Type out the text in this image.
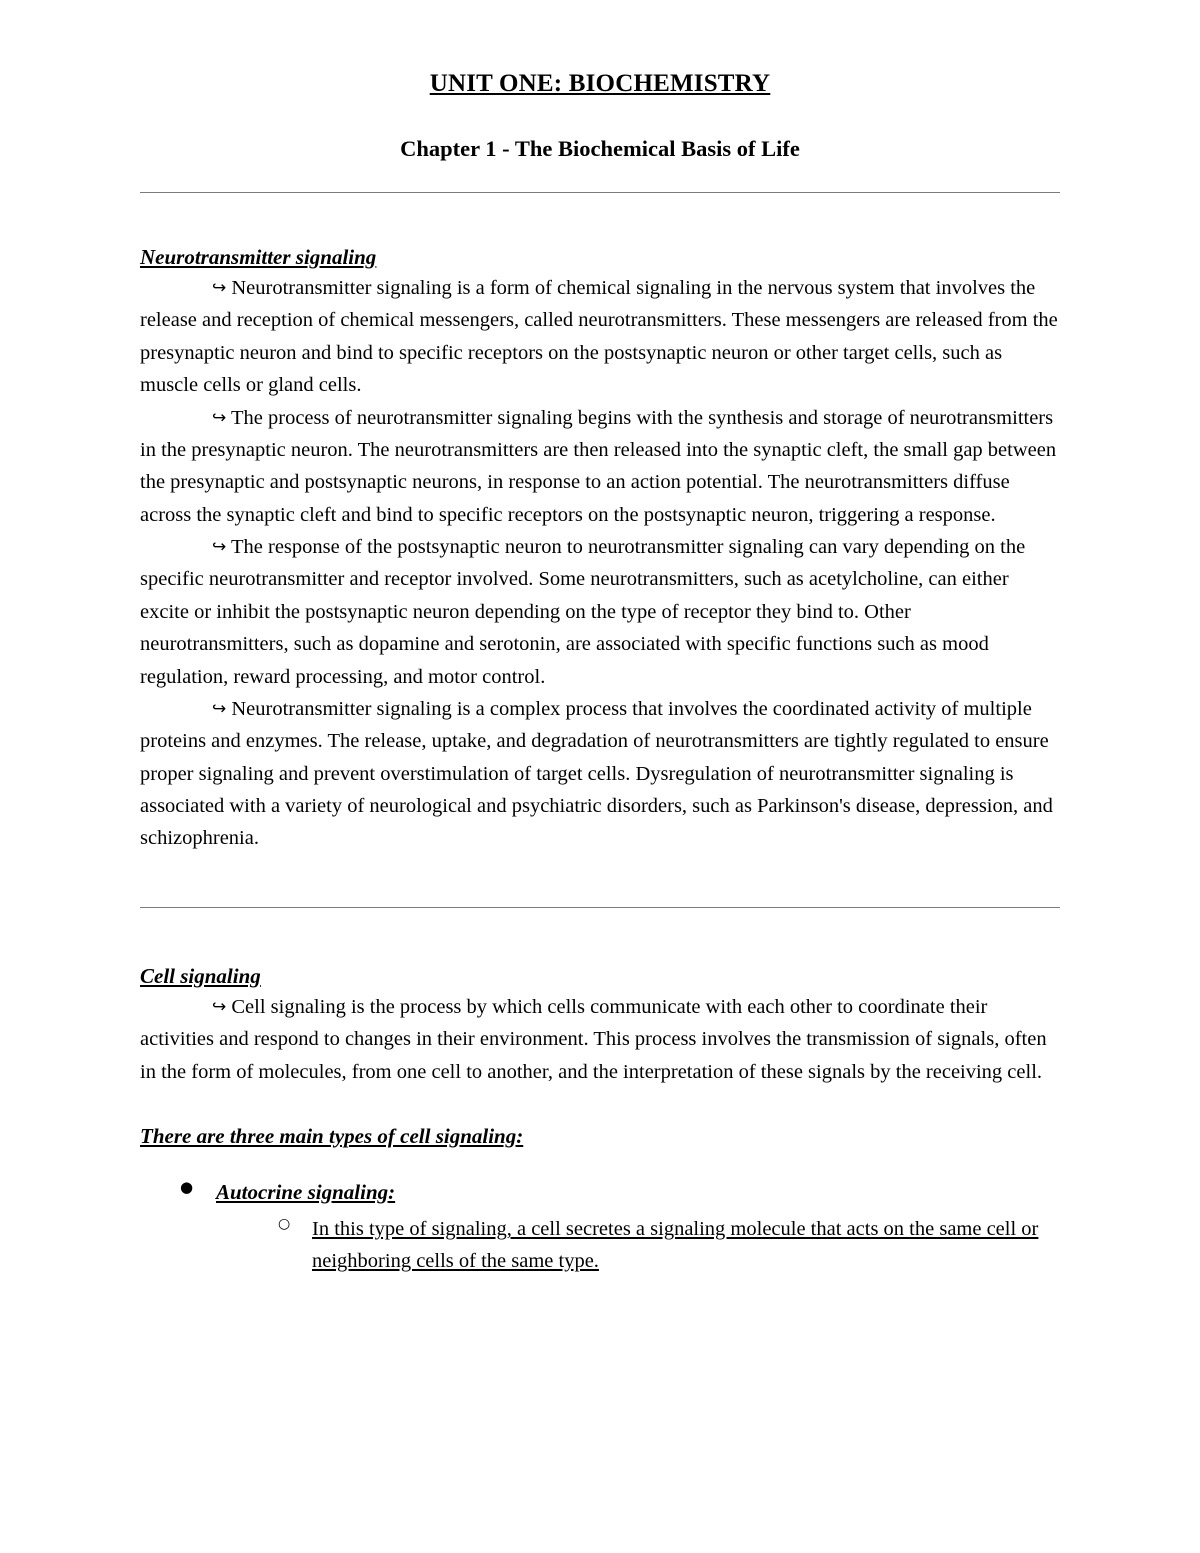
UNIT ONE: BIOCHEMISTRY
Chapter 1 - The Biochemical Basis of Life
Neurotransmitter signaling

↪ Neurotransmitter signaling is a form of chemical signaling in the nervous system that involves the release and reception of chemical messengers, called neurotransmitters. These messengers are released from the presynaptic neuron and bind to specific receptors on the postsynaptic neuron or other target cells, such as muscle cells or gland cells.

↪ The process of neurotransmitter signaling begins with the synthesis and storage of neurotransmitters in the presynaptic neuron. The neurotransmitters are then released into the synaptic cleft, the small gap between the presynaptic and postsynaptic neurons, in response to an action potential. The neurotransmitters diffuse across the synaptic cleft and bind to specific receptors on the postsynaptic neuron, triggering a response.

↪ The response of the postsynaptic neuron to neurotransmitter signaling can vary depending on the specific neurotransmitter and receptor involved. Some neurotransmitters, such as acetylcholine, can either excite or inhibit the postsynaptic neuron depending on the type of receptor they bind to. Other neurotransmitters, such as dopamine and serotonin, are associated with specific functions such as mood regulation, reward processing, and motor control.

↪ Neurotransmitter signaling is a complex process that involves the coordinated activity of multiple proteins and enzymes. The release, uptake, and degradation of neurotransmitters are tightly regulated to ensure proper signaling and prevent overstimulation of target cells. Dysregulation of neurotransmitter signaling is associated with a variety of neurological and psychiatric disorders, such as Parkinson's disease, depression, and schizophrenia.

Cell signaling

↪ Cell signaling is the process by which cells communicate with each other to coordinate their activities and respond to changes in their environment. This process involves the transmission of signals, often in the form of molecules, from one cell to another, and the interpretation of these signals by the receiving cell.

There are three main types of cell signaling:
● Autocrine signaling:
○ In this type of signaling, a cell secretes a signaling molecule that acts on the same cell or neighboring cells of the same type.
